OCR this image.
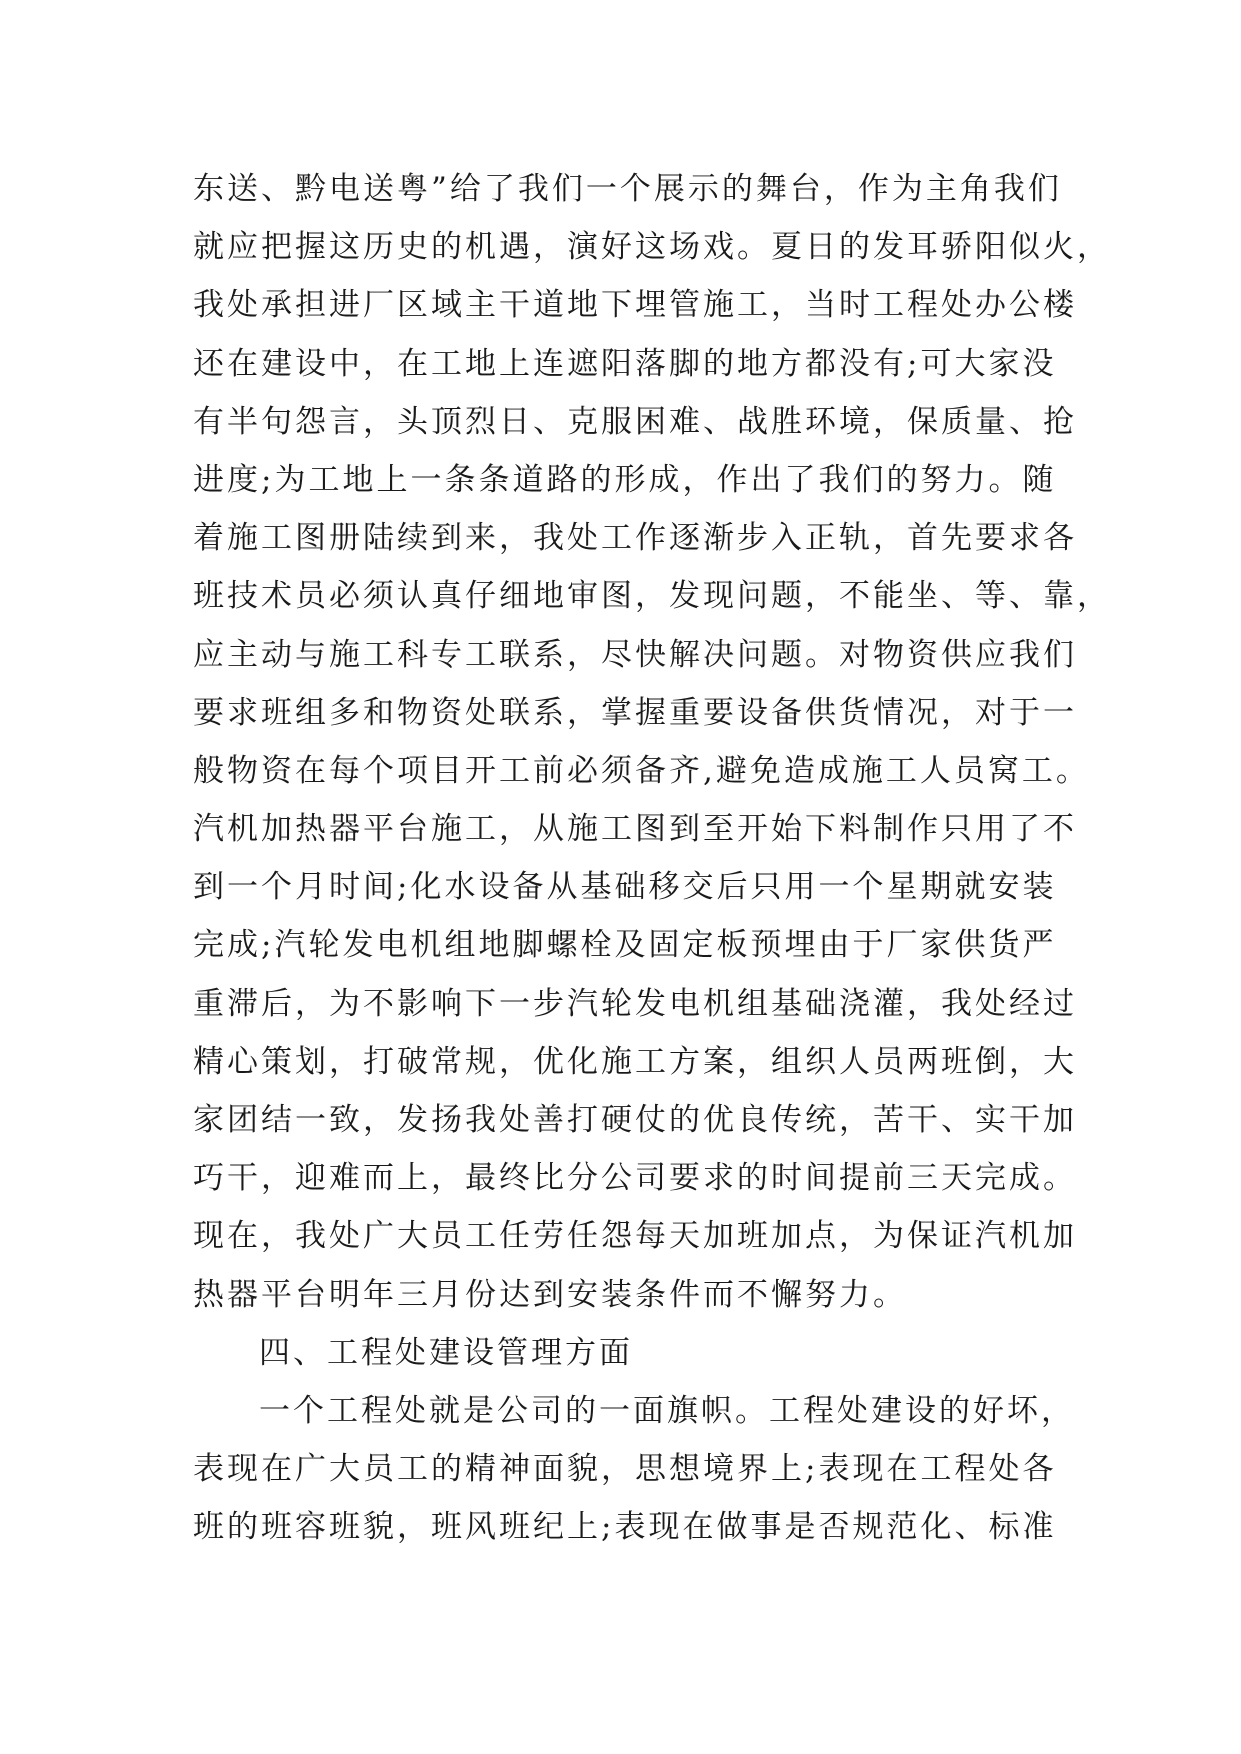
东送、黔电送粤”给了我们一个展示的舞台，作为主角我们
就应把握这历史的机遇，演好这场戏。夏日的发耳骄阳似火，
我处承担进厂区域主干道地下埋管施工，当时工程处办公楼
还在建设中，在工地上连遮阳落脚的地方都没有;可大家没
有半句怨言，头顶烈日、克服困难、战胜环境，保质量、抢
进度;为工地上一条条道路的形成，作出了我们的努力。随
着施工图册陆续到来，我处工作逐渐步入正轨，首先要求各
班技术员必须认真仔细地审图，发现问题，不能坐、等、靠，
应主动与施工科专工联系，尽快解决问题。对物资供应我们
要求班组多和物资处联系，掌握重要设备供货情况，对于一
般物资在每个项目开工前必须备齐,避免造成施工人员窝工。
汽机加热器平台施工，从施工图到至开始下料制作只用了不
到一个月时间;化水设备从基础移交后只用一个星期就安装
完成;汽轮发电机组地脚螺栓及固定板预埋由于厂家供货严
重滞后，为不影响下一步汽轮发电机组基础浇灌，我处经过
精心策划，打破常规，优化施工方案，组织人员两班倒，大
家团结一致，发扬我处善打硬仗的优良传统，苦干、实干加
巧干，迎难而上，最终比分公司要求的时间提前三天完成。
现在，我处广大员工任劳任怨每天加班加点，为保证汽机加
热器平台明年三月份达到安装条件而不懈努力。
四、工程处建设管理方面
一个工程处就是公司的一面旗帜。工程处建设的好坏，
表现在广大员工的精神面貌，思想境界上;表现在工程处各
班的班容班貌，班风班纪上;表现在做事是否规范化、标准
